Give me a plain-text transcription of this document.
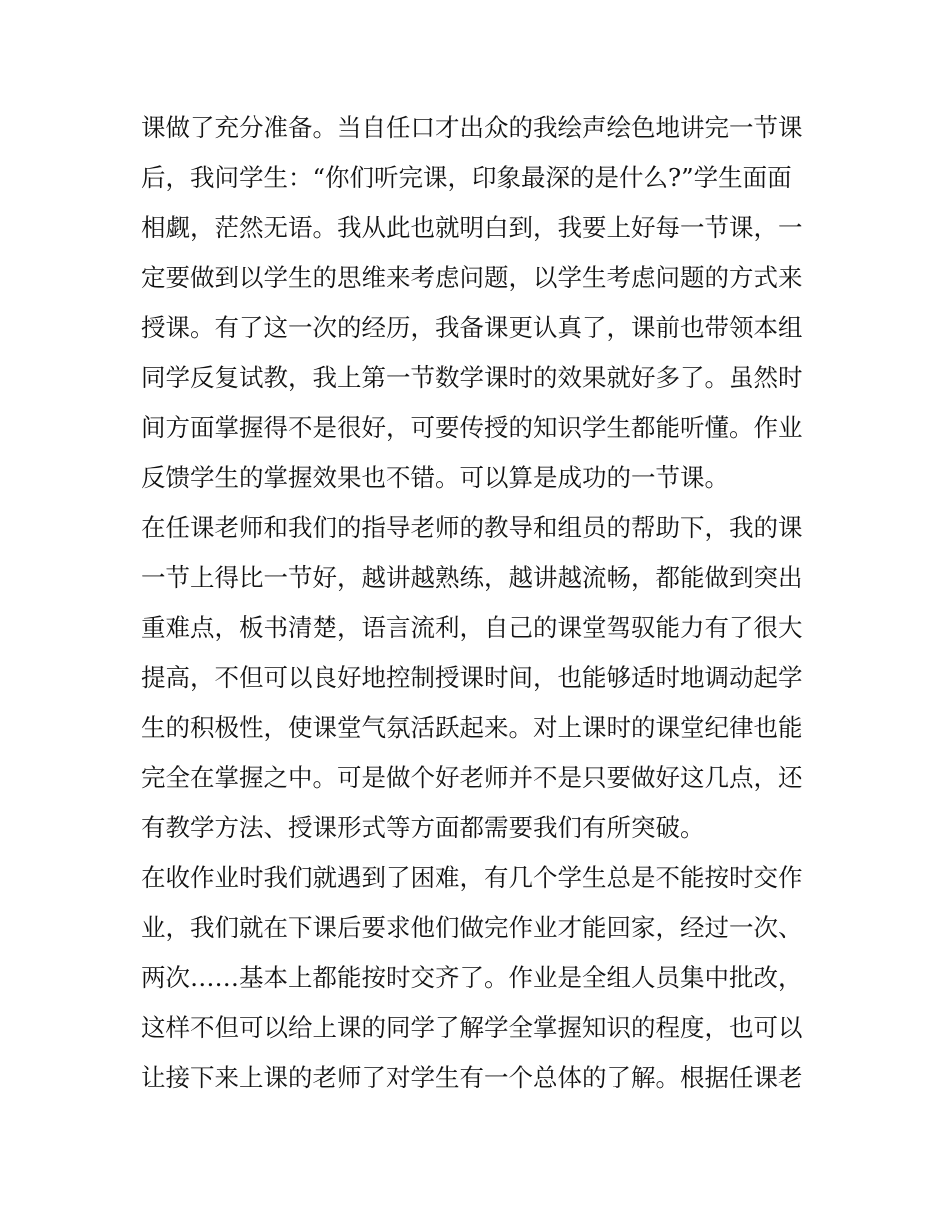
课做了充分准备。当自任口才出众的我绘声绘色地讲完一节课
后，我问学生：“你们听完课，印象最深的是什么?”学生面面
相觑，茫然无语。我从此也就明白到，我要上好每一节课，一
定要做到以学生的思维来考虑问题，以学生考虑问题的方式来
授课。有了这一次的经历，我备课更认真了，课前也带领本组
同学反复试教，我上第一节数学课时的效果就好多了。虽然时
间方面掌握得不是很好，可要传授的知识学生都能听懂。作业
反馈学生的掌握效果也不错。可以算是成功的一节课。
在任课老师和我们的指导老师的教导和组员的帮助下，我的课
一节上得比一节好，越讲越熟练，越讲越流畅，都能做到突出
重难点，板书清楚，语言流利，自己的课堂驾驭能力有了很大
提高，不但可以良好地控制授课时间，也能够适时地调动起学
生的积极性，使课堂气氛活跃起来。对上课时的课堂纪律也能
完全在掌握之中。可是做个好老师并不是只要做好这几点，还
有教学方法、授课形式等方面都需要我们有所突破。
在收作业时我们就遇到了困难，有几个学生总是不能按时交作
业，我们就在下课后要求他们做完作业才能回家，经过一次、
两次……基本上都能按时交齐了。作业是全组人员集中批改，
这样不但可以给上课的同学了解学全掌握知识的程度，也可以
让接下来上课的老师了对学生有一个总体的了解。根据任课老
